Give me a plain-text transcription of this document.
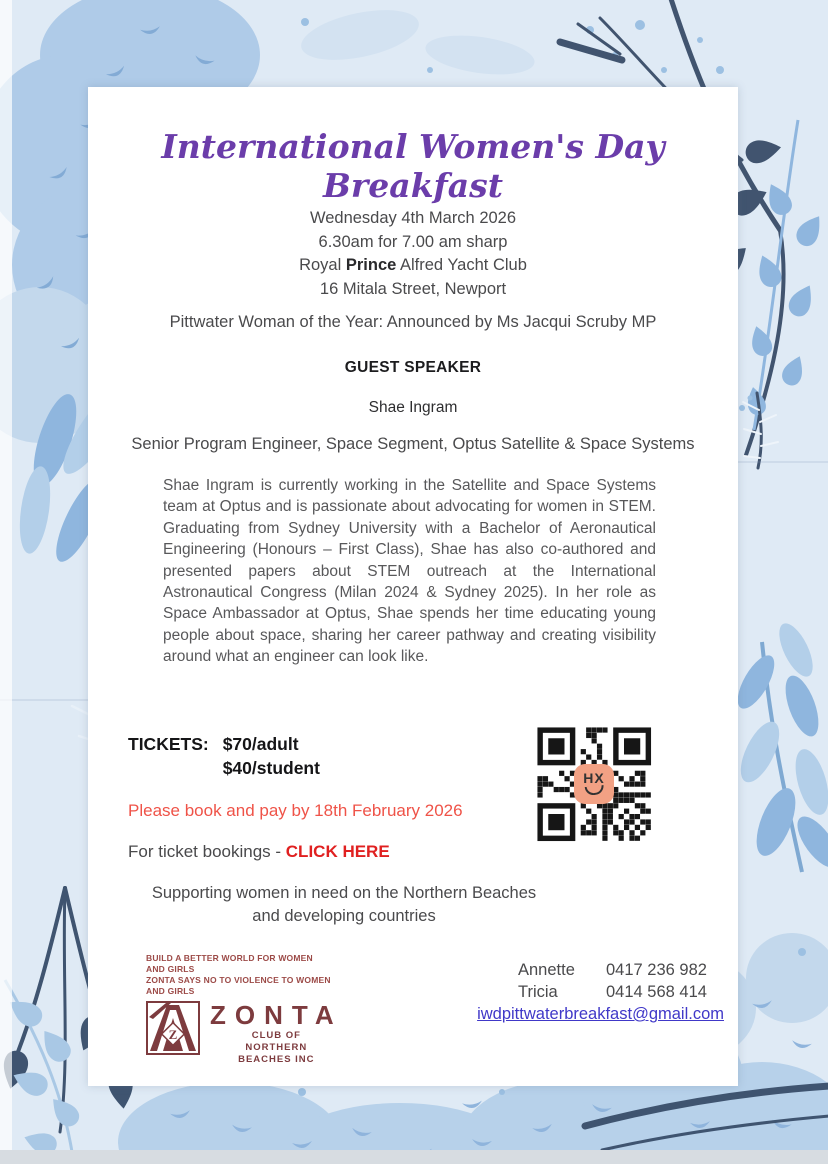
International Women's Day Breakfast
Wednesday 4th March 2026
6.30am for 7.00 am sharp
Royal Prince Alfred Yacht Club
16 Mitala Street, Newport
Pittwater Woman of the Year: Announced by Ms Jacqui Scruby MP
GUEST SPEAKER
Shae Ingram
Senior Program Engineer, Space Segment, Optus Satellite & Space Systems
Shae Ingram is currently working in the Satellite and Space Systems team at Optus and is passionate about advocating for women in STEM. Graduating from Sydney University with a Bachelor of Aeronautical Engineering (Honours – First Class), Shae has also co-authored and presented papers about STEM outreach at the International Astronautical Congress (Milan 2024 & Sydney 2025). In her role as Space Ambassador at Optus, Shae spends her time educating young people about space, sharing her career pathway and creating visibility around what an engineer can look like.
TICKETS: $70/adult
$40/student
Please book and pay by 18th February 2026
For ticket bookings - CLICK HERE
HX
Supporting women in need on the Northern Beaches
and developing countries
BUILD A BETTER WORLD FOR WOMEN
AND GIRLS
ZONTA SAYS NO TO VIOLENCE TO WOMEN
AND GIRLS
Z
ZONTA
CLUB OF
NORTHERN
BEACHES INC
Annette	0417 236 982
Tricia	0414 568 414
iwdpittwaterbreakfast@gmail.com
